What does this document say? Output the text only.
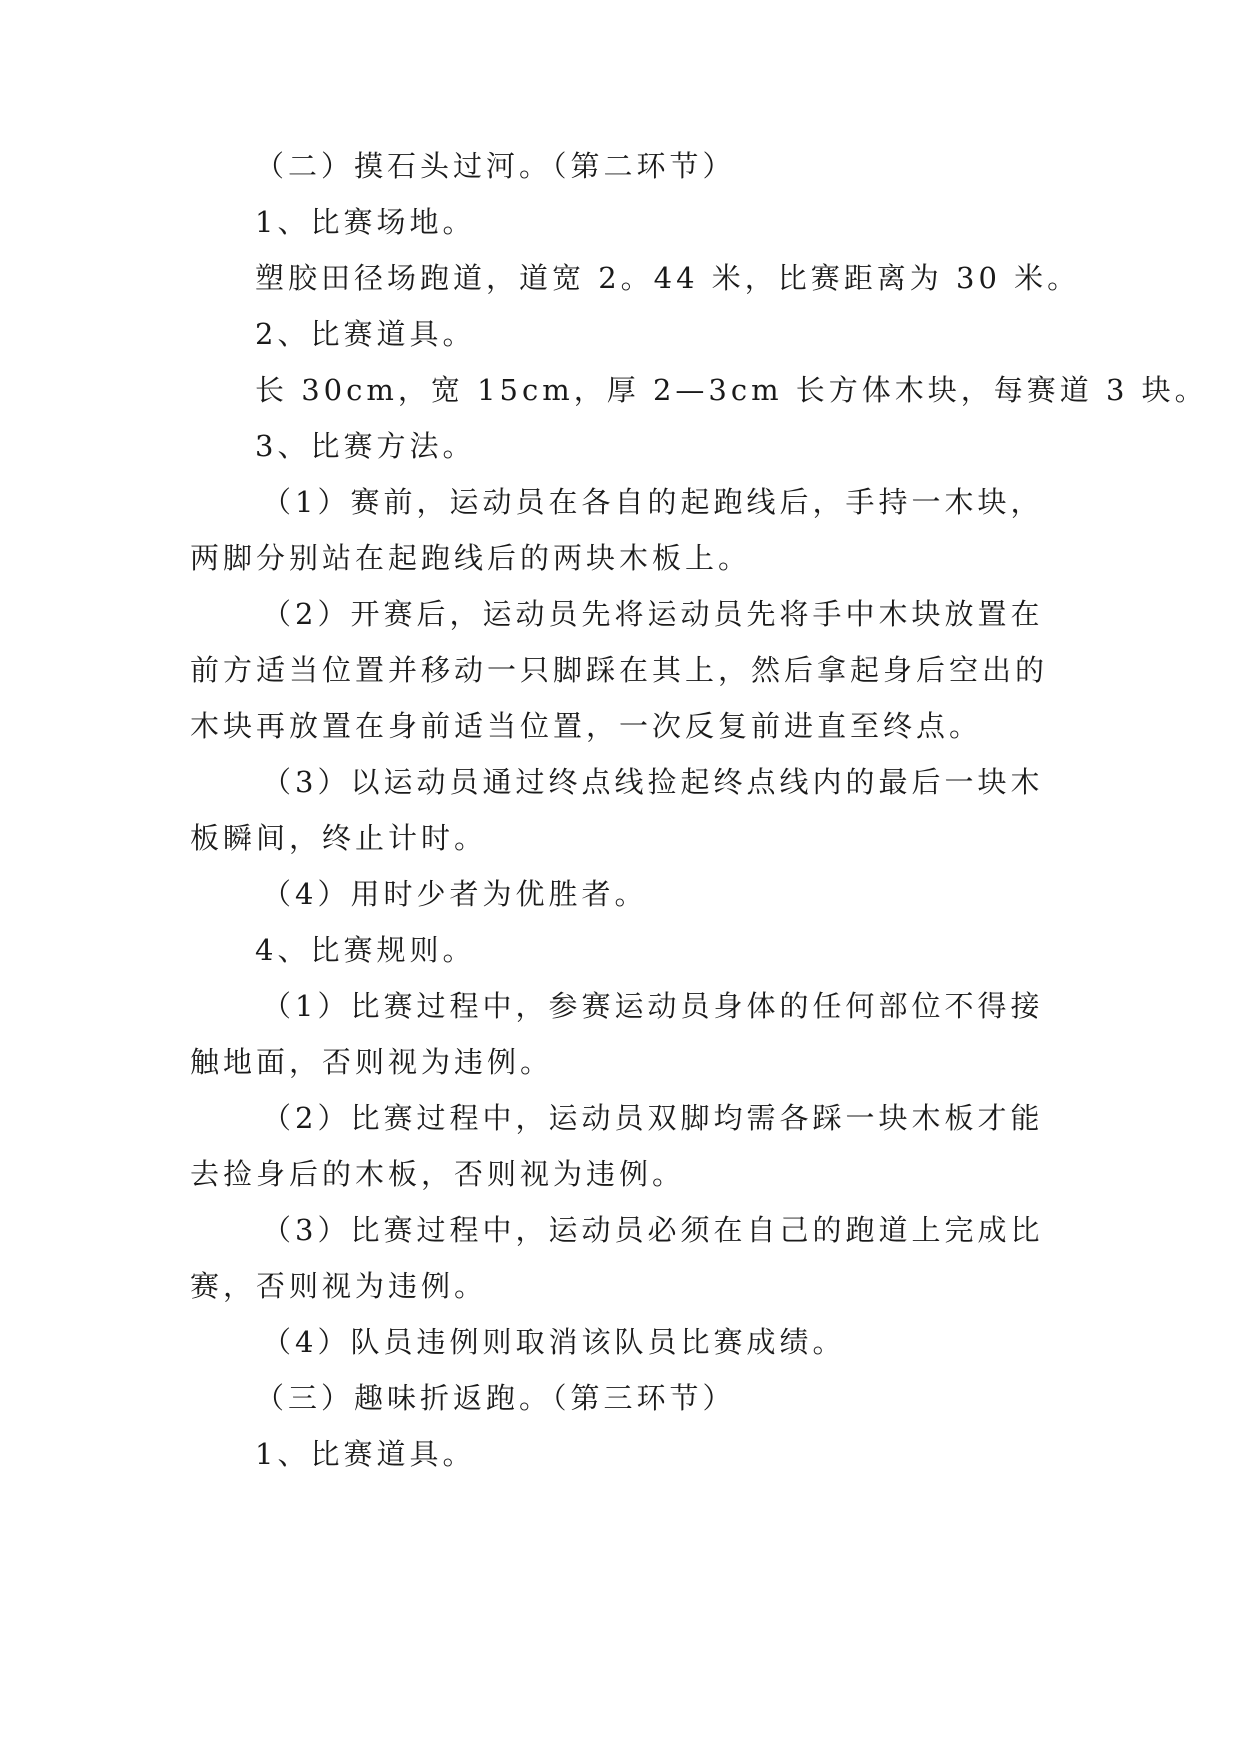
（二）摸石头过河。（第二环节）
1、比赛场地。
塑胶田径场跑道，道宽 2。44 米，比赛距离为 30 米。
2、比赛道具。
长 30cm，宽 15cm，厚 2—3cm 长方体木块，每赛道 3 块。
3、比赛方法。
（1）赛前，运动员在各自的起跑线后，手持一木块，
两脚分别站在起跑线后的两块木板上。
（2）开赛后，运动员先将运动员先将手中木块放置在
前方适当位置并移动一只脚踩在其上，然后拿起身后空出的
木块再放置在身前适当位置，一次反复前进直至终点。
（3）以运动员通过终点线捡起终点线内的最后一块木
板瞬间，终止计时。
（4）用时少者为优胜者。
4、比赛规则。
（1）比赛过程中，参赛运动员身体的任何部位不得接
触地面，否则视为违例。
（2）比赛过程中，运动员双脚均需各踩一块木板才能
去捡身后的木板，否则视为违例。
（3）比赛过程中，运动员必须在自己的跑道上完成比
赛，否则视为违例。
（4）队员违例则取消该队员比赛成绩。
（三）趣味折返跑。（第三环节）
1、比赛道具。
